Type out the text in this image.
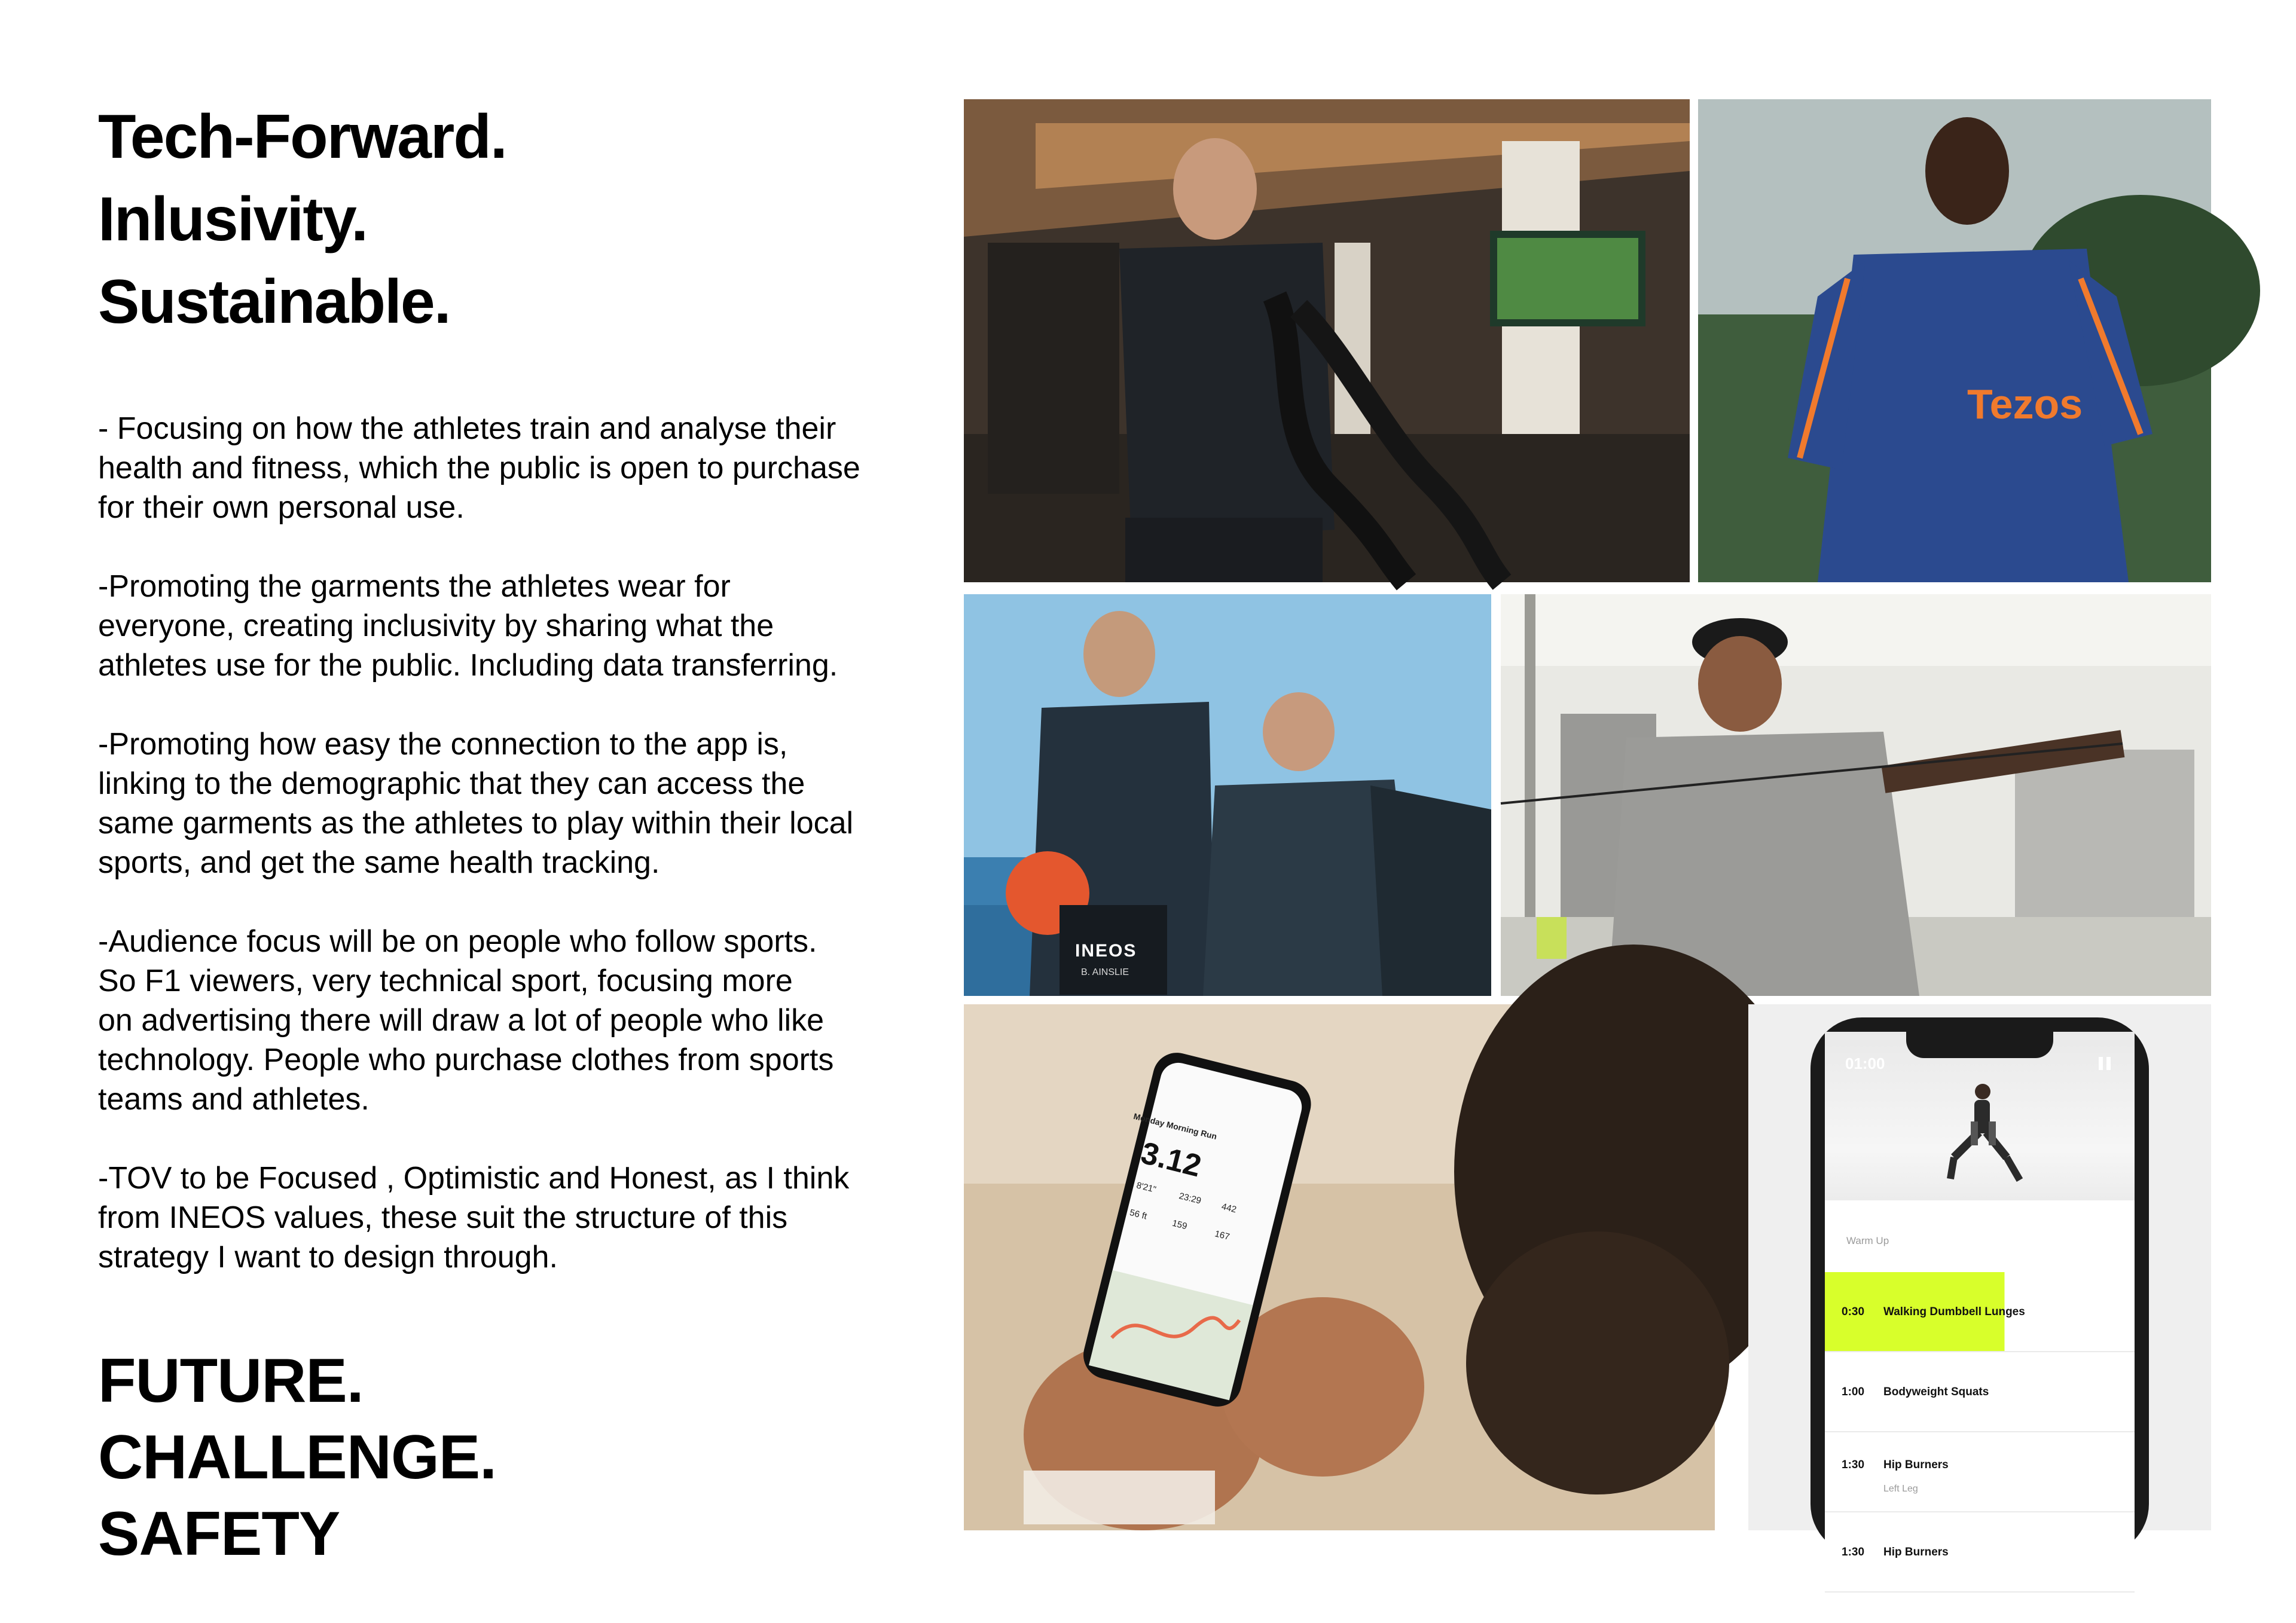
Tech-Forward.
Inlusivity.
Sustainable.

- Focusing on how the athletes train and analyse their
health and fitness, which the public is open to purchase
for their own personal use.

-Promoting the garments the athletes wear for
everyone, creating inclusivity by sharing what the
athletes use for the public. Including data transferring.

-Promoting how easy the connection to the app is,
linking to the demographic that they can access the
same garments as the athletes to play within their local
sports, and get the same health tracking.

-Audience focus will be on people who follow sports.
So F1 viewers, very technical sport, focusing more
on advertising there will draw a lot of people who like
technology. People who purchase clothes from sports
teams and athletes.

-TOV to be Focused , Optimistic and Honest, as I think
from INEOS values, these suit the structure of this
strategy I want to design through.

FUTURE.

CHALLENGE.

SAFETY

Tezos
INEOS
B. AINSLIE
Monday Morning Run
3.12
8'21"
23:29
442
56 ft
159
167
01:00
Warm Up
0:30 Walking Dumbbell Lunges
1:00 Bodyweight Squats
1:30 Hip Burners
Left Leg
1:30 Hip Burners
